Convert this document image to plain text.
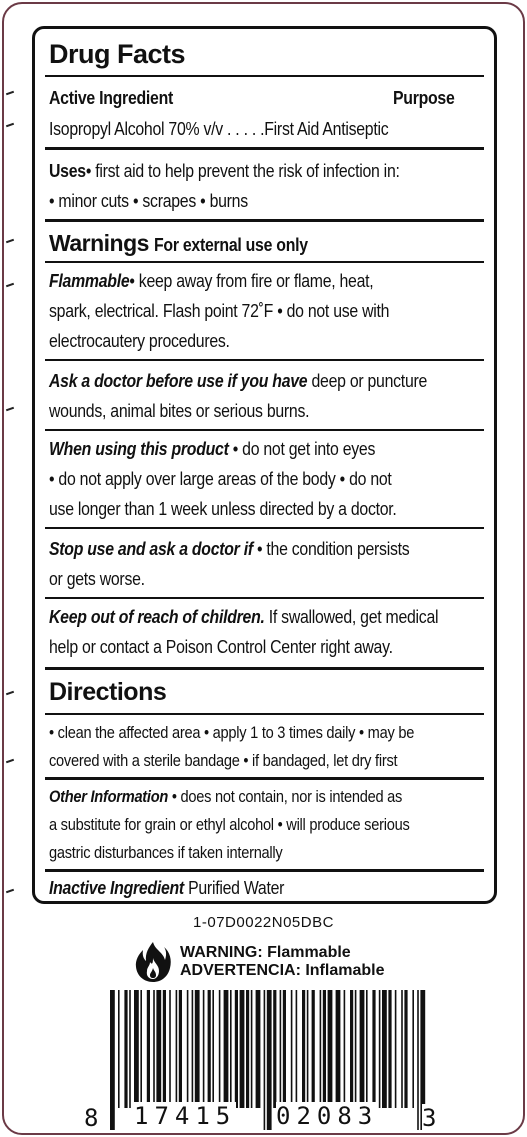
Drug Facts
Active Ingredient	Purpose
Isopropyl Alcohol 70% v/v . . . . .First Aid Antiseptic
Uses• first aid to help prevent the risk of infection in:
• minor cuts • scrapes • burns
Warnings For external use only
Flammable• keep away from fire or flame, heat,
spark, electrical. Flash point 72˚F • do not use with
electrocautery procedures.
Ask a doctor before use if you have deep or puncture
wounds, animal bites or serious burns.
When using this product • do not get into eyes
• do not apply over large areas of the body • do not
use longer than 1 week unless directed by a doctor.
Stop use and ask a doctor if • the condition persists
or gets worse.
Keep out of reach of children. If swallowed, get medical
help or contact a Poison Control Center right away.
Directions
• clean the affected area • apply 1 to 3 times daily • may be
covered with a sterile bandage • if bandaged, let dry first
Other Information • does not contain, nor is intended as
a substitute for grain or ethyl alcohol • will produce serious
gastric disturbances if taken internally
Inactive Ingredient Purified Water
1-07D0022N05DBC
WARNING: Flammable
ADVERTENCIA: Inflamable
8 17415 02083 3
